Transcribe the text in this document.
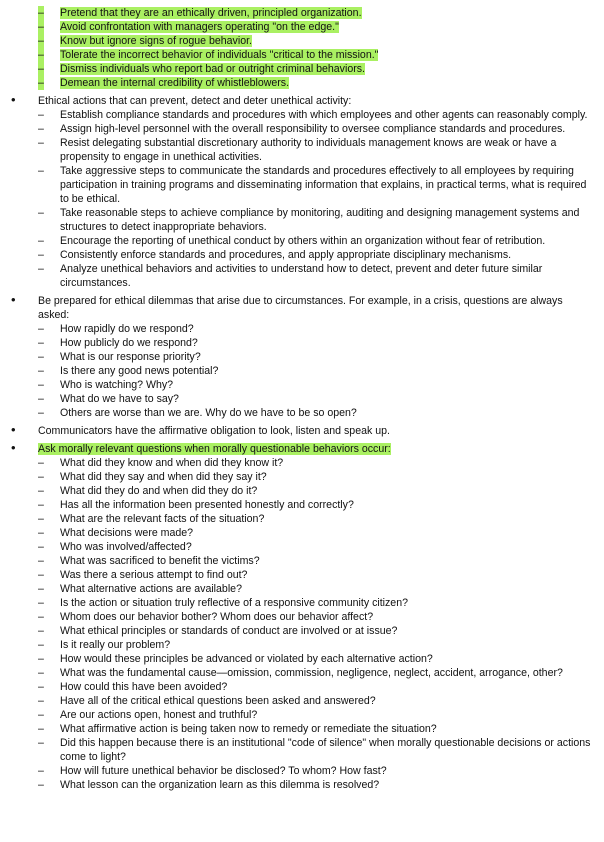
– Pretend that they are an ethically driven, principled organization.
– Avoid confrontation with managers operating "on the edge."
– Know but ignore signs of rogue behavior.
– Tolerate the incorrect behavior of individuals "critical to the mission."
– Dismiss individuals who report bad or outright criminal behaviors.
– Demean the internal credibility of whistleblowers.
• Ethical actions that can prevent, detect and deter unethical activity:
– Establish compliance standards and procedures with which employees and other agents can reasonably comply.
– Assign high-level personnel with the overall responsibility to oversee compliance standards and procedures.
– Resist delegating substantial discretionary authority to individuals management knows are weak or have a propensity to engage in unethical activities.
– Take aggressive steps to communicate the standards and procedures effectively to all employees by requiring participation in training programs and disseminating information that explains, in practical terms, what is required to be ethical.
– Take reasonable steps to achieve compliance by monitoring, auditing and designing management systems and structures to detect inappropriate behaviors.
– Encourage the reporting of unethical conduct by others within an organization without fear of retribution.
– Consistently enforce standards and procedures, and apply appropriate disciplinary mechanisms.
– Analyze unethical behaviors and activities to understand how to detect, prevent and deter future similar circumstances.
• Be prepared for ethical dilemmas that arise due to circumstances. For example, in a crisis, questions are always asked:
– How rapidly do we respond?
– How publicly do we respond?
– What is our response priority?
– Is there any good news potential?
– Who is watching? Why?
– What do we have to say?
– Others are worse than we are. Why do we have to be so open?
• Communicators have the affirmative obligation to look, listen and speak up.
• Ask morally relevant questions when morally questionable behaviors occur:
– What did they know and when did they know it?
– What did they say and when did they say it?
– What did they do and when did they do it?
– Has all the information been presented honestly and correctly?
– What are the relevant facts of the situation?
– What decisions were made?
– Who was involved/affected?
– What was sacrificed to benefit the victims?
– Was there a serious attempt to find out?
– What alternative actions are available?
– Is the action or situation truly reflective of a responsive community citizen?
– Whom does our behavior bother? Whom does our behavior affect?
– What ethical principles or standards of conduct are involved or at issue?
– Is it really our problem?
– How would these principles be advanced or violated by each alternative action?
– What was the fundamental cause—omission, commission, negligence, neglect, accident, arrogance, other?
– How could this have been avoided?
– Have all of the critical ethical questions been asked and answered?
– Are our actions open, honest and truthful?
– What affirmative action is being taken now to remedy or remediate the situation?
– Did this happen because there is an institutional "code of silence" when morally questionable decisions or actions come to light?
– How will future unethical behavior be disclosed? To whom? How fast?
– What lesson can the organization learn as this dilemma is resolved?
